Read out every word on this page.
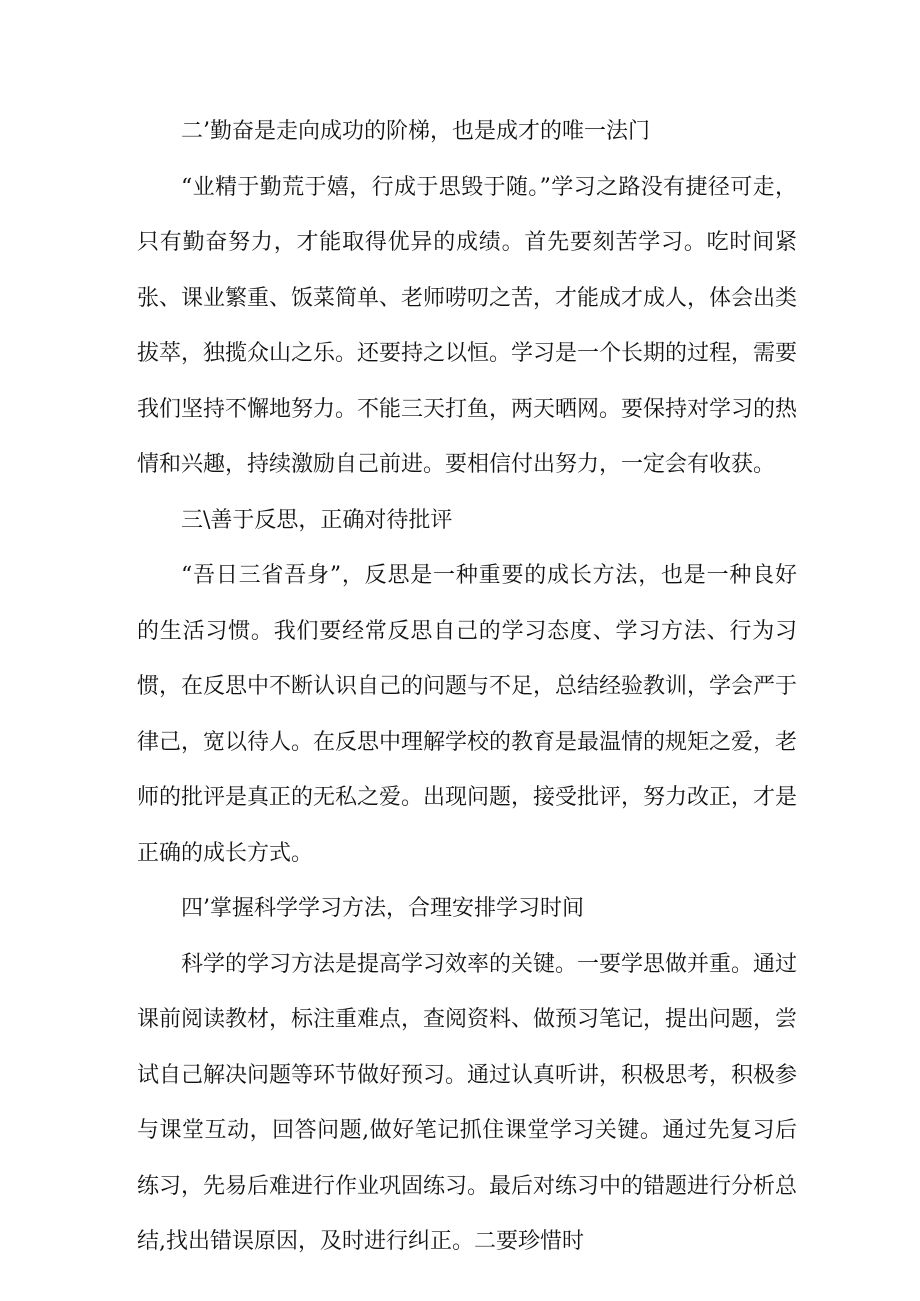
二’勤奋是走向成功的阶梯，也是成才的唯一法门

“业精于勤荒于嬉，行成于思毁于随。”学习之路没有捷径可走，只有勤奋努力，才能取得优异的成绩。首先要刻苦学习。吃时间紧张、课业繁重、饭菜简单、老师唠叨之苦，才能成才成人，体会出类拔萃，独揽众山之乐。还要持之以恒。学习是一个长期的过程，需要我们坚持不懈地努力。不能三天打鱼，两天晒网。要保持对学习的热情和兴趣，持续激励自己前进。要相信付出努力，一定会有收获。

三\善于反思，正确对待批评

“吾日三省吾身”，反思是一种重要的成长方法，也是一种良好的生活习惯。我们要经常反思自己的学习态度、学习方法、行为习惯，在反思中不断认识自己的问题与不足，总结经验教训，学会严于律己，宽以待人。在反思中理解学校的教育是最温情的规矩之爱，老师的批评是真正的无私之爱。出现问题，接受批评，努力改正，才是正确的成长方式。

四’掌握科学学习方法，合理安排学习时间

科学的学习方法是提高学习效率的关键。一要学思做并重。通过课前阅读教材，标注重难点，查阅资料、做预习笔记，提出问题，尝试自己解决问题等环节做好预习。通过认真听讲，积极思考，积极参与课堂互动，回答问题,做好笔记抓住课堂学习关键。通过先复习后练习，先易后难进行作业巩固练习。最后对练习中的错题进行分析总结,找出错误原因，及时进行纠正。二要珍惜时
